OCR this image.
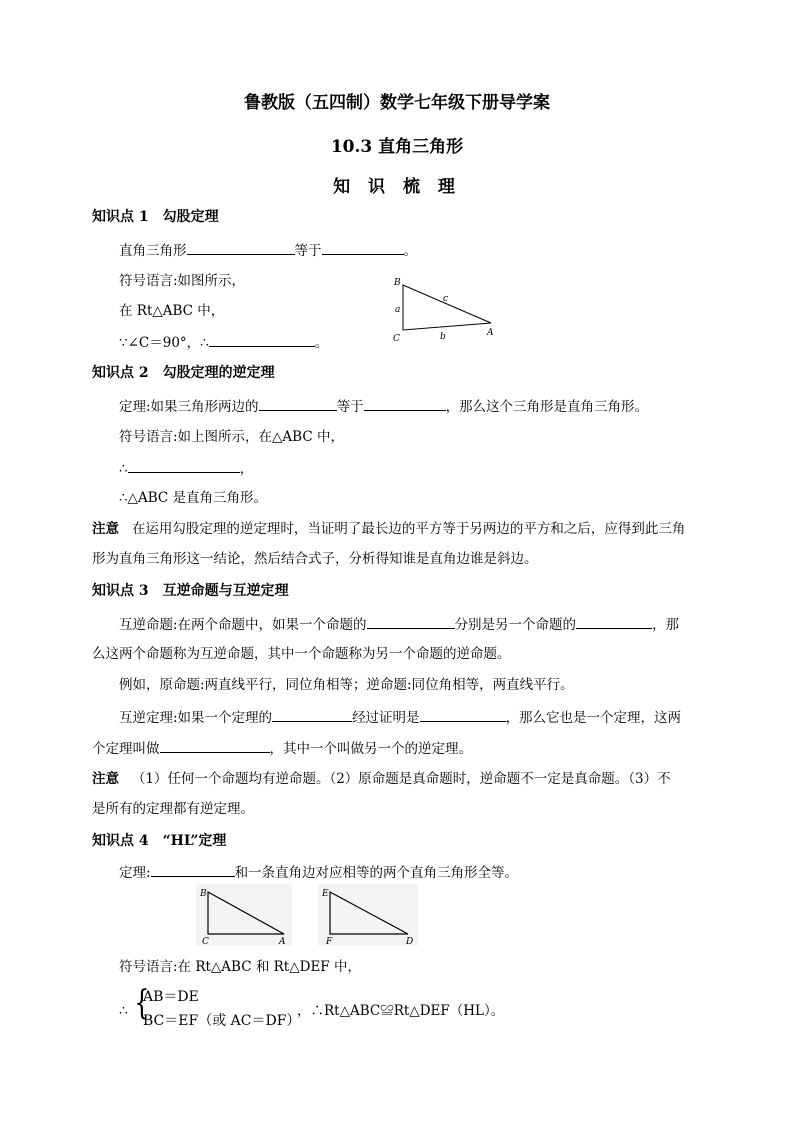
鲁教版（五四制）数学七年级下册导学案
10.3 直角三角形
知 识 梳 理
知识点 1　勾股定理
直角三角形	等于	。
符号语言:如图所示，
在 Rt△ABC 中，
∵∠C＝90°，∴	。
B
C
A
a
b
c
知识点 2　勾股定理的逆定理
定理:如果三角形两边的	等于	，那么这个三角形是直角三角形。
符号语言:如上图所示，在△ABC 中，
∴	，
∴△ABC 是直角三角形。
注意 在运用勾股定理的逆定理时，当证明了最长边的平方等于另两边的平方和之后，应得到此三角
形为直角三角形这一结论，然后结合式子，分析得知谁是直角边谁是斜边。
知识点 3　互逆命题与互逆定理
互逆命题:在两个命题中，如果一个命题的	分别是另一个命题的	，那
么这两个命题称为互逆命题，其中一个命题称为另一个命题的逆命题。
例如，原命题:两直线平行，同位角相等；逆命题:同位角相等，两直线平行。
互逆定理:如果一个定理的	经过证明是	，那么它也是一个定理，这两
个定理叫做	，其中一个叫做另一个的逆定理。
注意 （1）任何一个命题均有逆命题。（2）原命题是真命题时，逆命题不一定是真命题。（3）不
是所有的定理都有逆定理。
知识点 4　“HL”定理
定理:	和一条直角边对应相等的两个直角三角形全等。
B
C	A
E
F	D
符号语言:在 Rt△ABC 和 Rt△DEF 中，
∴ {
AB＝DE
BC＝EF（或 AC＝DF）
，∴Rt△ABC≌Rt△DEF（HL）。
